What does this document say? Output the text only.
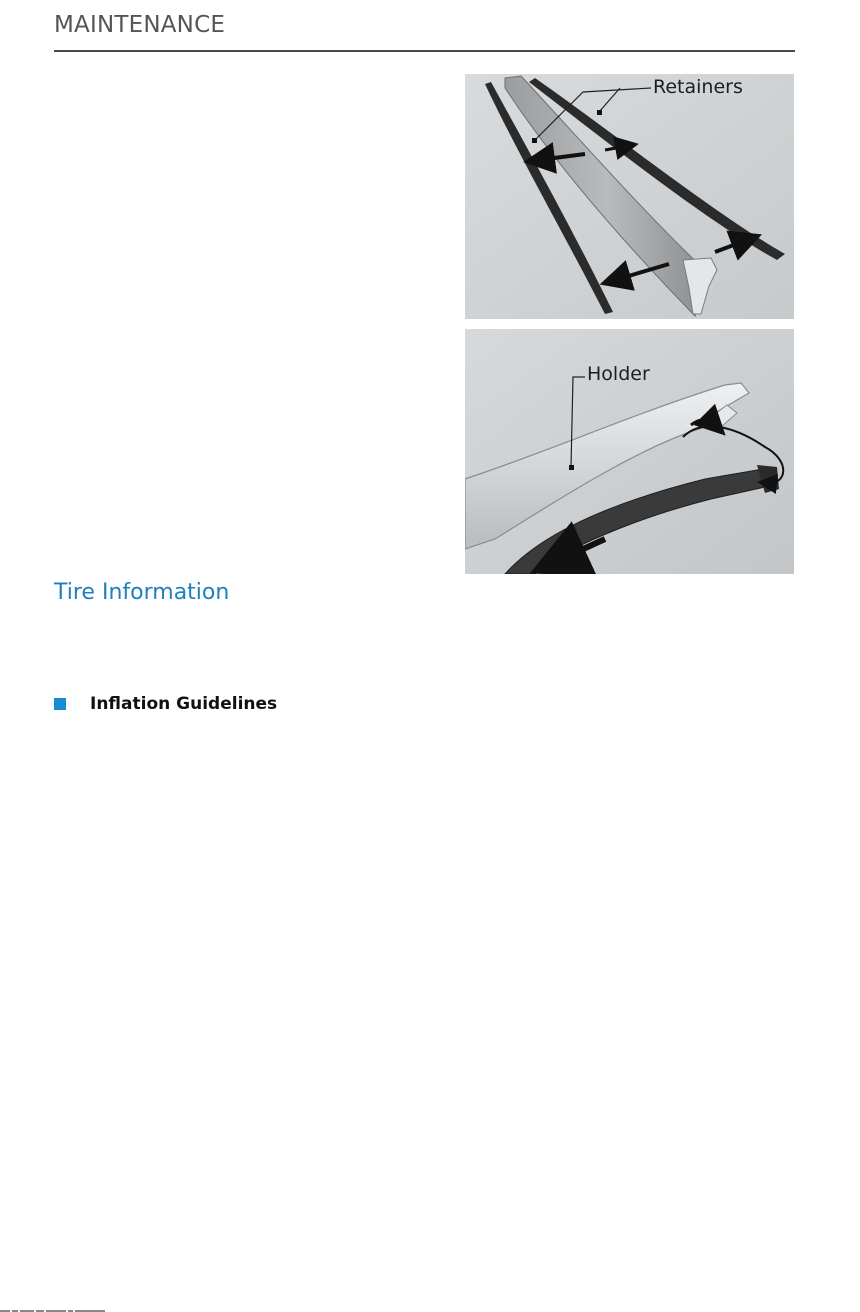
MAINTENANCE
Retainers
Holder
Tire Information
Inflation Guidelines
